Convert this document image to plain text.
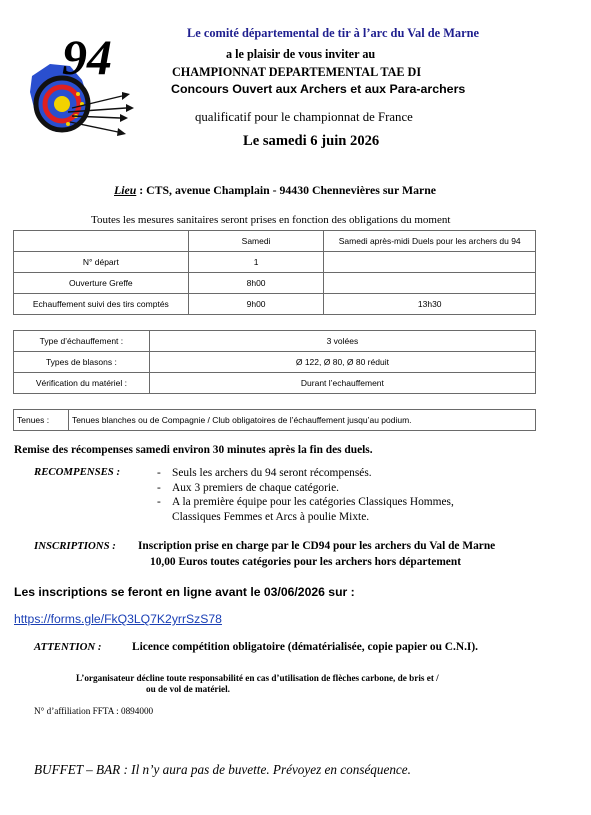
94	Le comité départemental de tir à l’arc du Val de Marne
a le plaisir de vous inviter au
CHAMPIONNAT DEPARTEMENTAL TAE DI
Concours Ouvert aux Archers et aux Para-archers
qualificatif pour le championnat de France
Le samedi 6 juin 2026
Lieu : CTS, avenue Champlain - 94430 Chennevières sur Marne
Toutes les mesures sanitaires seront prises en fonction des obligations du moment
	Samedi	Samedi après-midi Duels pour les archers du 94
N° départ	1	
Ouverture Greffe	8h00	
Echauffement suivi des tirs comptés	9h00	13h30
Type d’échauffement :	3 volées
Types de blasons :	Ø 122, Ø 80, Ø 80 réduit
Vérification du matériel :	Durant l’echauffement
Tenues :	Tenues blanches ou de Compagnie / Club obligatoires de l’échauffement jusqu’au podium.
Remise des récompenses samedi environ 30 minutes après la fin des duels.
RECOMPENSES :	- Seuls les archers du 94 seront récompensés.
- Aux 3 premiers de chaque catégorie.
- A la première équipe pour les catégories Classiques Hommes, Classiques Femmes et Arcs à poulie Mixte.
INSCRIPTIONS : Inscription prise en charge par le CD94 pour les archers du Val de Marne
10,00 Euros toutes catégories pour les archers hors département
Les inscriptions se feront en ligne avant le 03/06/2026 sur :
https://forms.gle/FkQ3LQ7K2yrrSzS78
ATTENTION :	Licence compétition obligatoire (dématérialisée, copie papier ou C.N.I).
L’organisateur décline toute responsabilité en cas d’utilisation de flèches carbone, de bris et /
ou de vol de matériel.
N° d’affiliation FFTA : 0894000
BUFFET – BAR : Il n’y aura pas de buvette. Prévoyez en conséquence.
